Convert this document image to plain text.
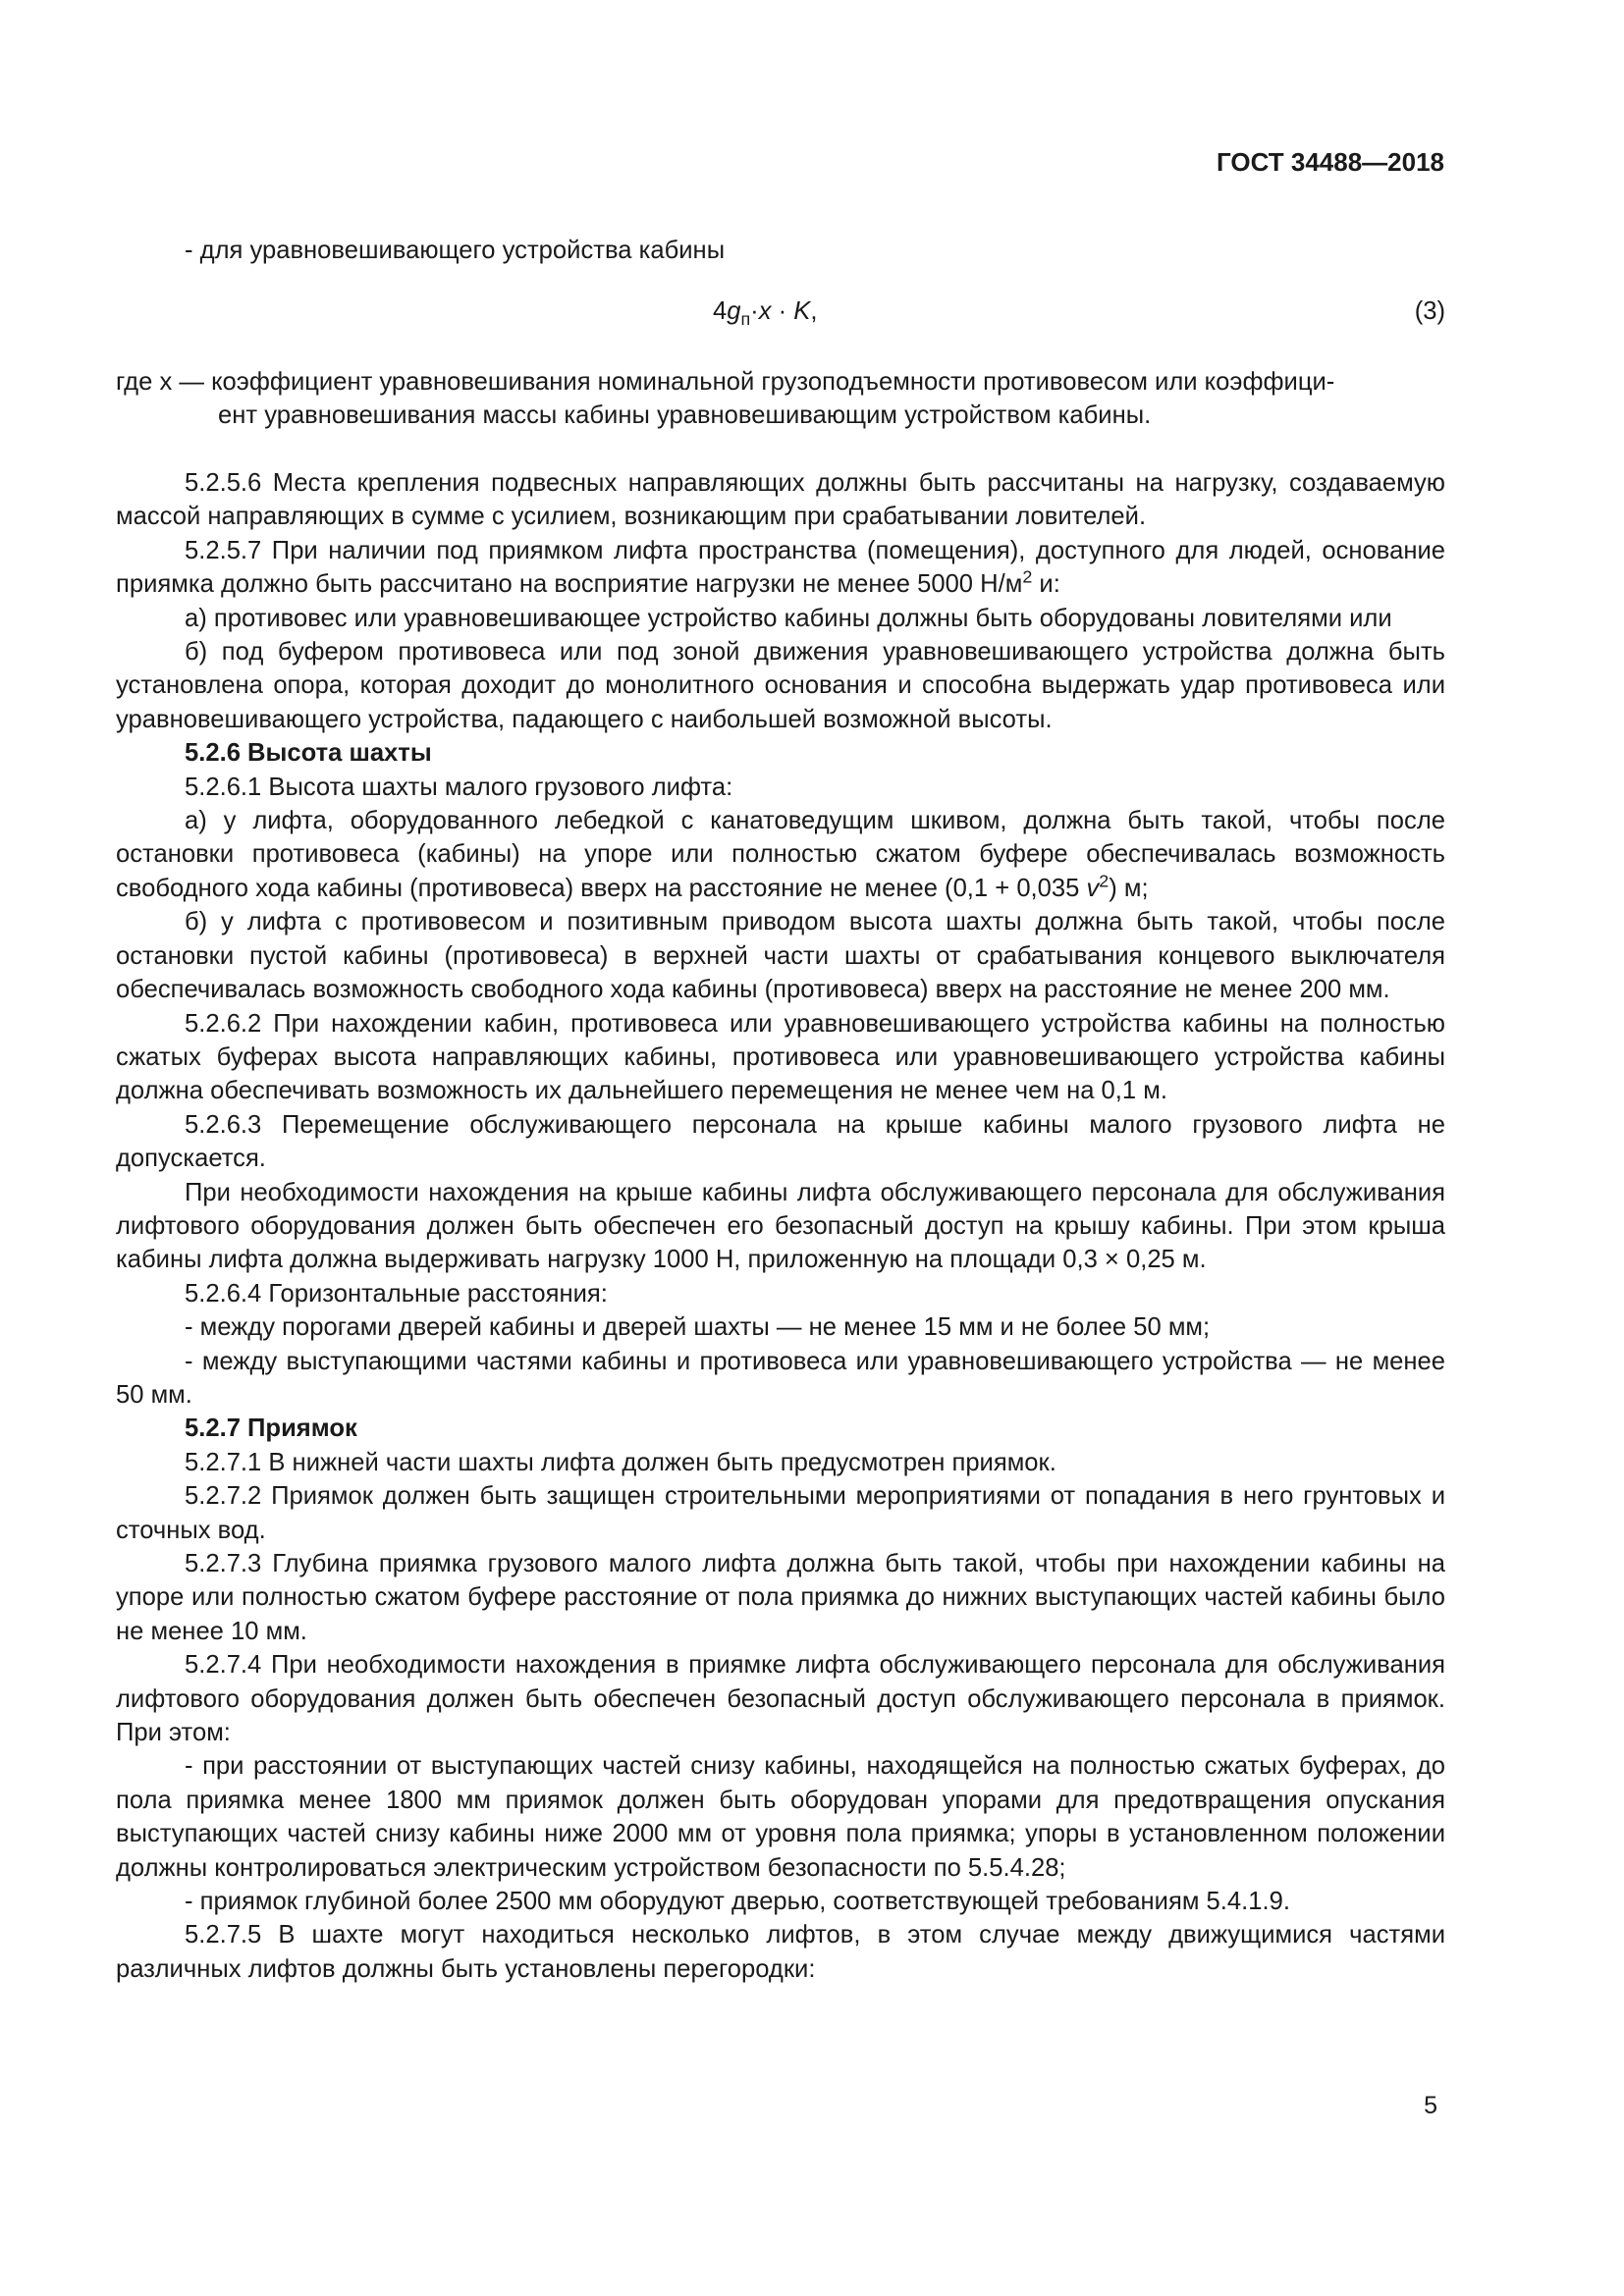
ГОСТ 34488—2018

- для уравновешивающего устройства кабины

$4g_п\cdot x \cdot K$,	(3)

где x — коэффициент уравновешивания номинальной грузоподъемности противовесом или коэффици-

ент уравновешивания массы кабины уравновешивающим устройством кабины.

5.2.5.6 Места крепления подвесных направляющих должны быть рассчитаны на нагрузку, создаваемую массой направляющих в сумме с усилием, возникающим при срабатывании ловителей.

5.2.5.7 При наличии под приямком лифта пространства (помещения), доступного для людей, основание приямка должно быть рассчитано на восприятие нагрузки не менее 5000 $Н/м^2$ и:

а) противовес или уравновешивающее устройство кабины должны быть оборудованы ловителями или

б) под буфером противовеса или под зоной движения уравновешивающего устройства должна быть установлена опора, которая доходит до монолитного основания и способна выдержать удар противовеса или уравновешивающего устройства, падающего с наибольшей возможной высоты.

5.2.6 Высота шахты

5.2.6.1 Высота шахты малого грузового лифта:

а) у лифта, оборудованного лебедкой с канатоведущим шкивом, должна быть такой, чтобы после остановки противовеса (кабины) на упоре или полностью сжатом буфере обеспечивалась возможность свободного хода кабины (противовеса) вверх на расстояние не менее (0,1 + 0,035 $v^2$) м;

б) у лифта с противовесом и позитивным приводом высота шахты должна быть такой, чтобы после остановки пустой кабины (противовеса) в верхней части шахты от срабатывания концевого выключателя обеспечивалась возможность свободного хода кабины (противовеса) вверх на расстояние не менее 200 мм.

5.2.6.2 При нахождении кабин, противовеса или уравновешивающего устройства кабины на полностью сжатых буферах высота направляющих кабины, противовеса или уравновешивающего устройства кабины должна обеспечивать возможность их дальнейшего перемещения не менее чем на 0,1 м.

5.2.6.3 Перемещение обслуживающего персонала на крыше кабины малого грузового лифта не допускается.

При необходимости нахождения на крыше кабины лифта обслуживающего персонала для обслуживания лифтового оборудования должен быть обеспечен его безопасный доступ на крышу кабины. При этом крыша кабины лифта должна выдерживать нагрузку 1000 Н, приложенную на площади 0,3 × 0,25 м.

5.2.6.4 Горизонтальные расстояния:

- между порогами дверей кабины и дверей шахты — не менее 15 мм и не более 50 мм;

- между выступающими частями кабины и противовеса или уравновешивающего устройства — не менее 50 мм.

5.2.7 Приямок

5.2.7.1 В нижней части шахты лифта должен быть предусмотрен приямок.

5.2.7.2 Приямок должен быть защищен строительными мероприятиями от попадания в него грунтовых и сточных вод.

5.2.7.3 Глубина приямка грузового малого лифта должна быть такой, чтобы при нахождении кабины на упоре или полностью сжатом буфере расстояние от пола приямка до нижних выступающих частей кабины было не менее 10 мм.

5.2.7.4 При необходимости нахождения в приямке лифта обслуживающего персонала для обслуживания лифтового оборудования должен быть обеспечен безопасный доступ обслуживающего персонала в приямок. При этом:

- при расстоянии от выступающих частей снизу кабины, находящейся на полностью сжатых буферах, до пола приямка менее 1800 мм приямок должен быть оборудован упорами для предотвращения опускания выступающих частей снизу кабины ниже 2000 мм от уровня пола приямка; упоры в установленном положении должны контролироваться электрическим устройством безопасности по 5.5.4.28;

- приямок глубиной более 2500 мм оборудуют дверью, соответствующей требованиям 5.4.1.9.

5.2.7.5 В шахте могут находиться несколько лифтов, в этом случае между движущимися частями различных лифтов должны быть установлены перегородки:

5
